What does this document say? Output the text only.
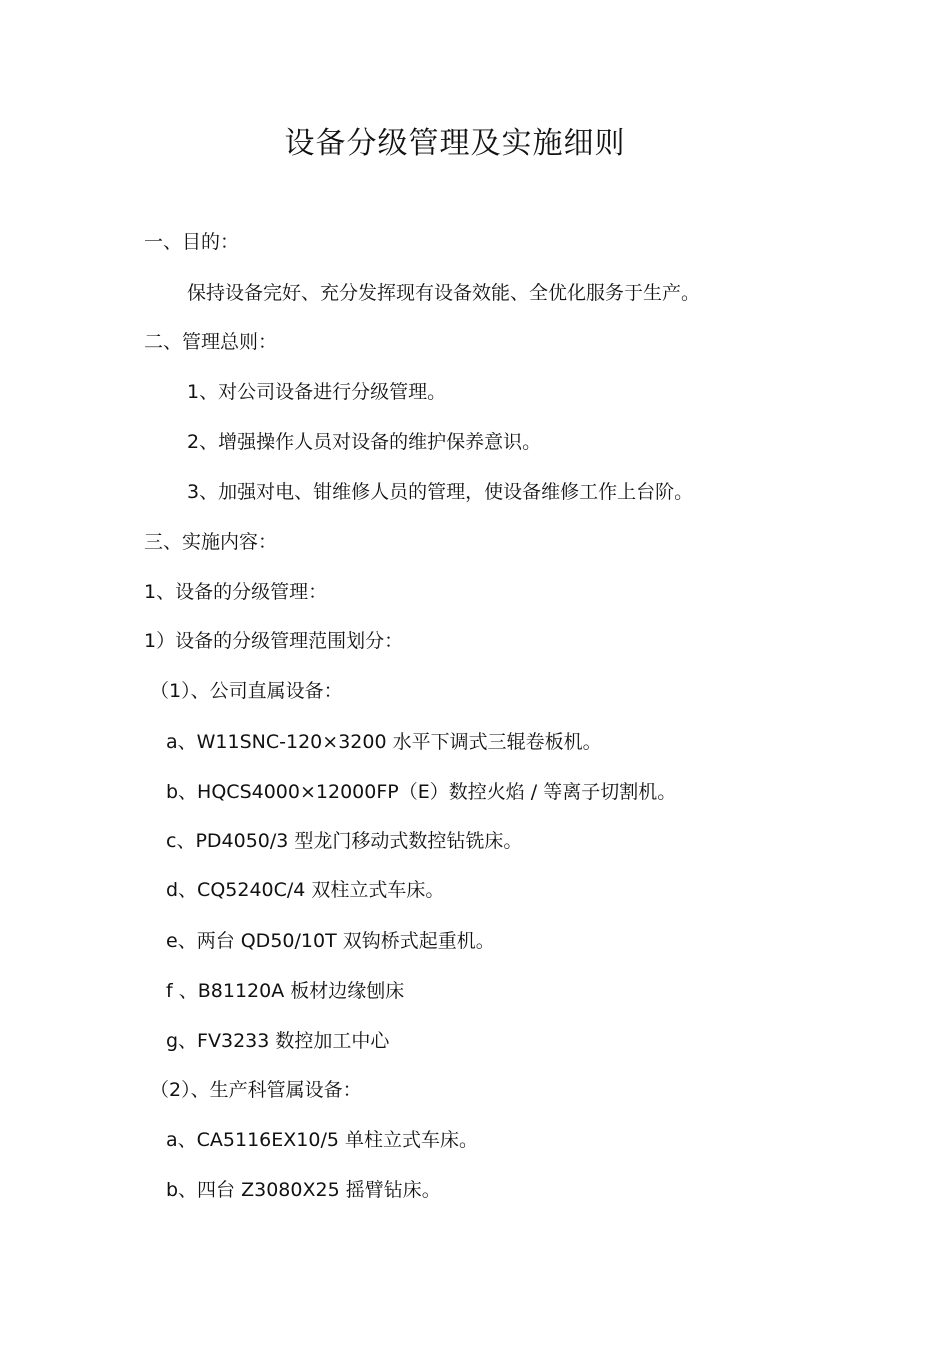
设备分级管理及实施细则
一、目的：
保持设备完好、充分发挥现有设备效能、全优化服务于生产。
二、管理总则：
1、对公司设备进行分级管理。
2、增强操作人员对设备的维护保养意识。
3、加强对电、钳维修人员的管理，使设备维修工作上台阶。
三、实施内容：
1、设备的分级管理：
1）设备的分级管理范围划分：
（1）、公司直属设备：
a、W11SNC-120×3200 水平下调式三辊卷板机。
b、HQCS4000×12000FP（E）数控火焰 / 等离子切割机。
c、PD4050/3 型龙门移动式数控钻铣床。
d、CQ5240C/4 双柱立式车床。
e、两台 QD50/10T 双钩桥式起重机。
f 、B81120A 板材边缘刨床
g、FV3233 数控加工中心
（2）、生产科管属设备：
a、CA5116EX10/5 单柱立式车床。
b、四台 Z3080X25 摇臂钻床。
